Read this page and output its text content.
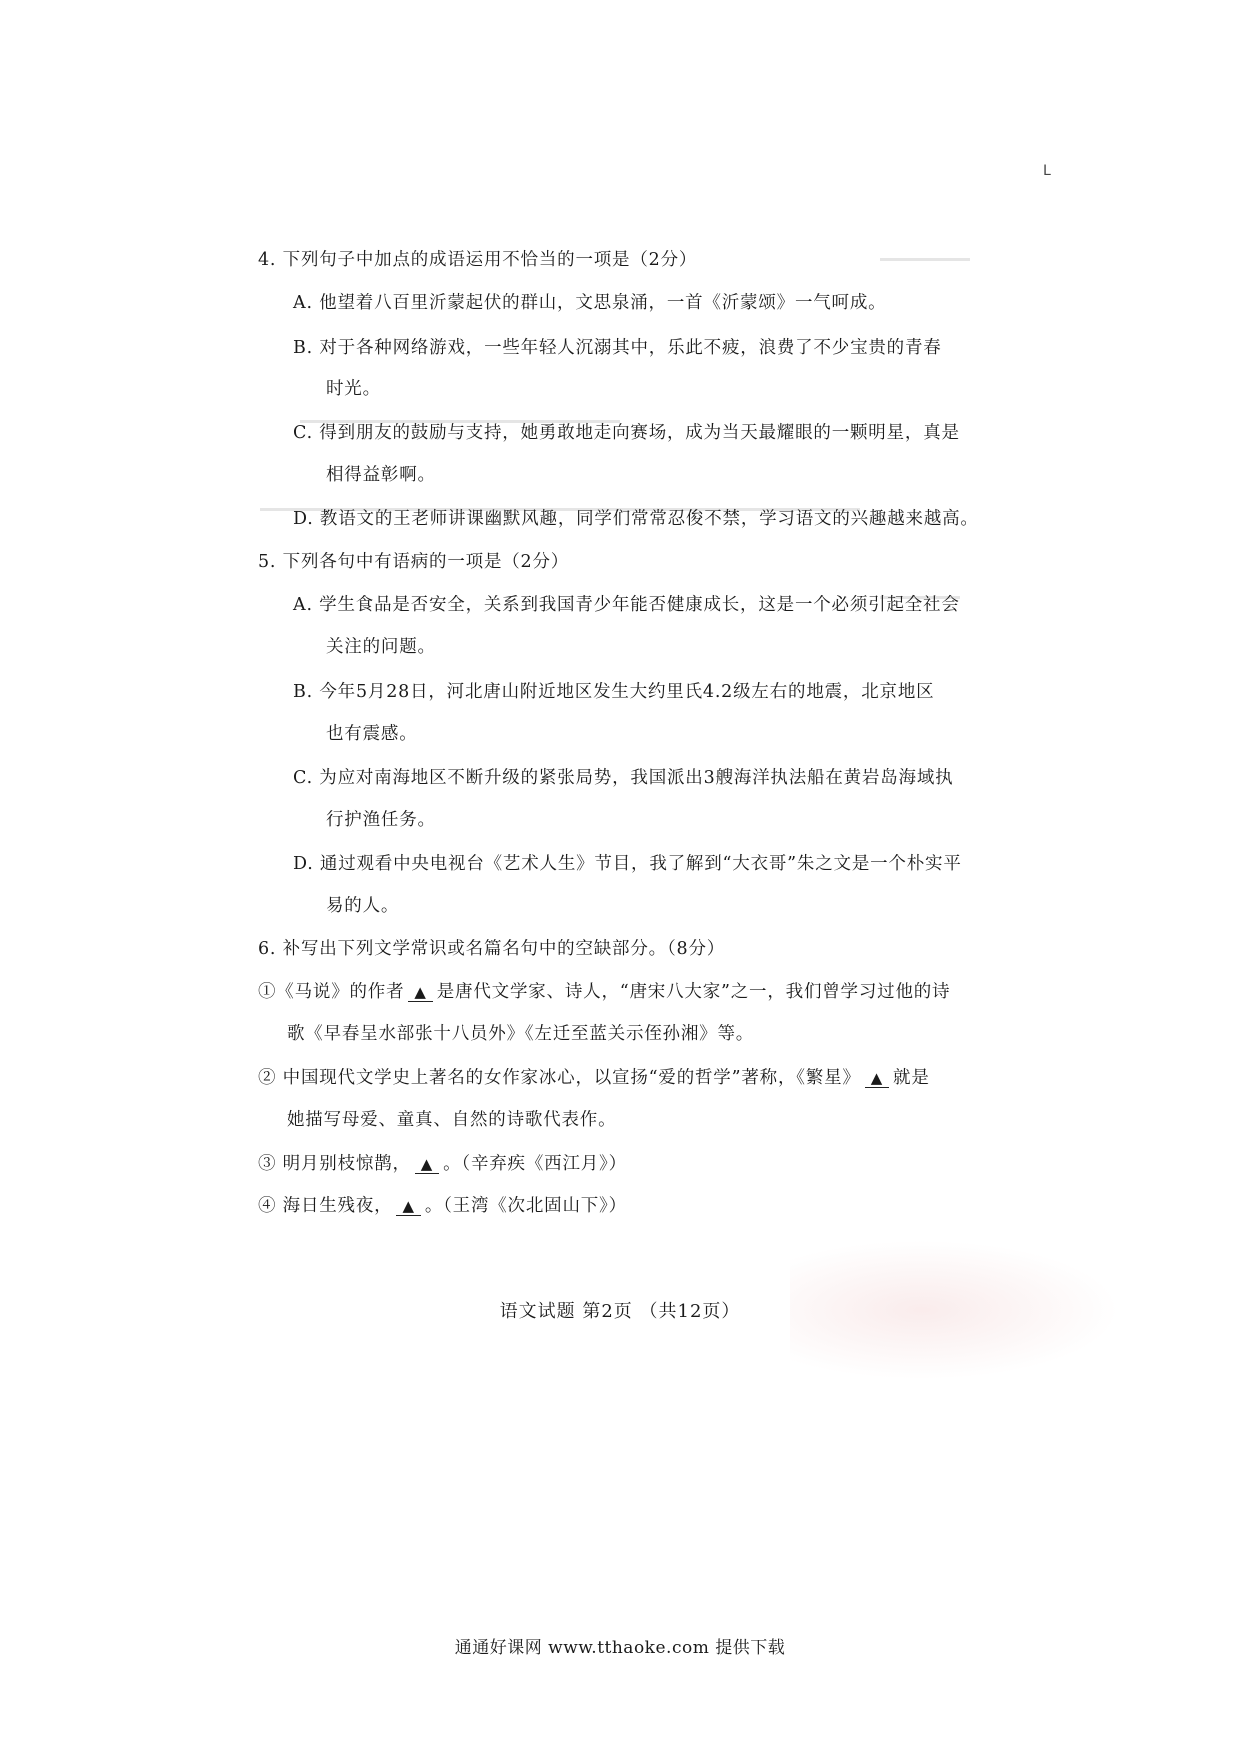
L
4. 下列句子中加点的成语运用不恰当的一项是（2分）
A. 他望着八百里沂蒙起伏的群山，文思泉涌，一首《沂蒙颂》一气呵成。
B. 对于各种网络游戏，一些年轻人沉溺其中，乐此不疲，浪费了不少宝贵的青春
时光。
C. 得到朋友的鼓励与支持，她勇敢地走向赛场，成为当天最耀眼的一颗明星，真是
相得益彰啊。
D. 教语文的王老师讲课幽默风趣，同学们常常忍俊不禁，学习语文的兴趣越来越高。
5. 下列各句中有语病的一项是（2分）
A. 学生食品是否安全，关系到我国青少年能否健康成长，这是一个必须引起全社会
关注的问题。
B. 今年5月28日，河北唐山附近地区发生大约里氏4.2级左右的地震，北京地区
也有震感。
C. 为应对南海地区不断升级的紧张局势，我国派出3艘海洋执法船在黄岩岛海域执
行护渔任务。
D. 通过观看中央电视台《艺术人生》节目，我了解到“大衣哥”朱之文是一个朴实平
易的人。
6. 补写出下列文学常识或名篇名句中的空缺部分。（8分）
①《马说》的作者 ▲ 是唐代文学家、诗人，“唐宋八大家”之一，我们曾学习过他的诗
歌《早春呈水部张十八员外》《左迁至蓝关示侄孙湘》等。
② 中国现代文学史上著名的女作家冰心，以宣扬“爱的哲学”著称，《繁星》 ▲ 就是
她描写母爱、童真、自然的诗歌代表作。
③ 明月别枝惊鹊， ▲ 。（辛弃疾《西江月》）
④ 海日生残夜， ▲ 。（王湾《次北固山下》）
语文试题 第2页 （共12页）
通通好课网 www.tthaoke.com 提供下载
